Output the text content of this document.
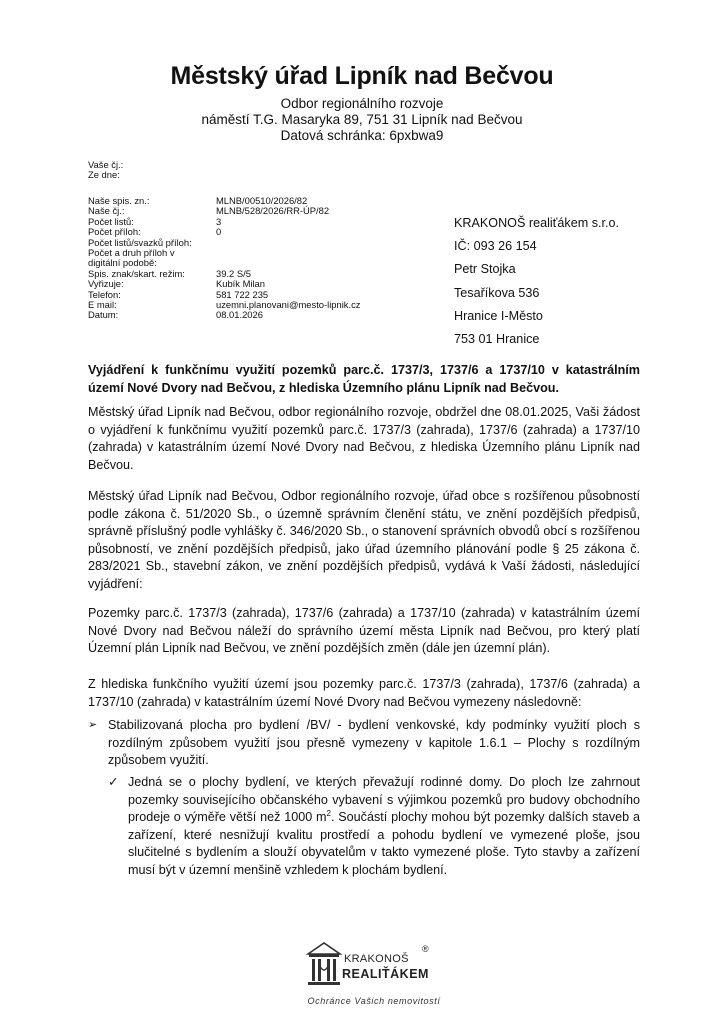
Městský úřad Lipník nad Bečvou
Odbor regionálního rozvoje
náměstí T.G. Masaryka 89, 751 31 Lipník nad Bečvou
Datová schránka: 6pxbwa9
Vaše čj.:
Ze dne:
Naše spis. zn.:	MLNB/00510/2026/82
Naše čj.:	MLNB/528/2026/RR-ÚP/82
Počet listů:	3
Počet příloh:	0
Počet listů/svazků příloh:
Počet a druh příloh v digitální podobě:
Spis. znak/skart. režim:	39.2 S/5
Vyřizuje:	Kubík Milan
Telefon:	581 722 235
E mail:	uzemni.planovani@mesto-lipnik.cz
Datum:	08.01.2026
KRAKONOŠ realiťákem s.r.o.
IČ: 093 26 154
Petr Stojka
Tesaříkova 536
Hranice I-Město
753 01 Hranice
Vyjádření k funkčnímu využití pozemků parc.č. 1737/3, 1737/6 a 1737/10 v katastrálním území Nové Dvory nad Bečvou, z hlediska Územního plánu Lipník nad Bečvou.
Městský úřad Lipník nad Bečvou, odbor regionálního rozvoje, obdržel dne 08.01.2025, Vaši žádost o vyjádření k funkčnímu využití pozemků parc.č. 1737/3 (zahrada), 1737/6 (zahrada) a 1737/10 (zahrada) v katastrálním území Nové Dvory nad Bečvou, z hlediska Územního plánu Lipník nad Bečvou.
Městský úřad Lipník nad Bečvou, Odbor regionálního rozvoje, úřad obce s rozšířenou působností podle zákona č. 51/2020 Sb., o územně správním členění státu, ve znění pozdějších předpisů, správně příslušný podle vyhlášky č. 346/2020 Sb., o stanovení správních obvodů obcí s rozšířenou působností, ve znění pozdějších předpisů, jako úřad územního plánování podle § 25 zákona č. 283/2021 Sb., stavební zákon, ve znění pozdějších předpisů, vydává k Vaší žádosti, následující vyjádření:
Pozemky parc.č. 1737/3 (zahrada), 1737/6 (zahrada) a 1737/10 (zahrada) v katastrálním území Nové Dvory nad Bečvou náleží do správního území města Lipník nad Bečvou, pro který platí Územní plán Lipník nad Bečvou, ve znění pozdějších změn (dále jen územní plán).
Z hlediska funkčního využití území jsou pozemky parc.č. 1737/3 (zahrada), 1737/6 (zahrada) a 1737/10 (zahrada) v katastrálním území Nové Dvory nad Bečvou vymezeny následovně:
➢ Stabilizovaná plocha pro bydlení /BV/ - bydlení venkovské, kdy podmínky využití ploch s rozdílným způsobem využití jsou přesně vymezeny v kapitole 1.6.1 – Plochy s rozdílným způsobem využití.
✓ Jedná se o plochy bydlení, ve kterých převažují rodinné domy. Do ploch lze zahrnout pozemky souvisejícího občanského vybavení s výjimkou pozemků pro budovy obchodního prodeje o výměře větší než 1000 $m^2$. Součástí plochy mohou být pozemky dalších staveb a zařízení, které nesnižují kvalitu prostředí a pohodu bydlení ve vymezené ploše, jsou slučitelné s bydlením a slouží obyvatelům v takto vymezené ploše. Tyto stavby a zařízení musí být v územní menšině vzhledem k plochám bydlení.
KRAKONOŠ
®
REALIŤÁKEM
Ochránce Vašich nemovitostí
